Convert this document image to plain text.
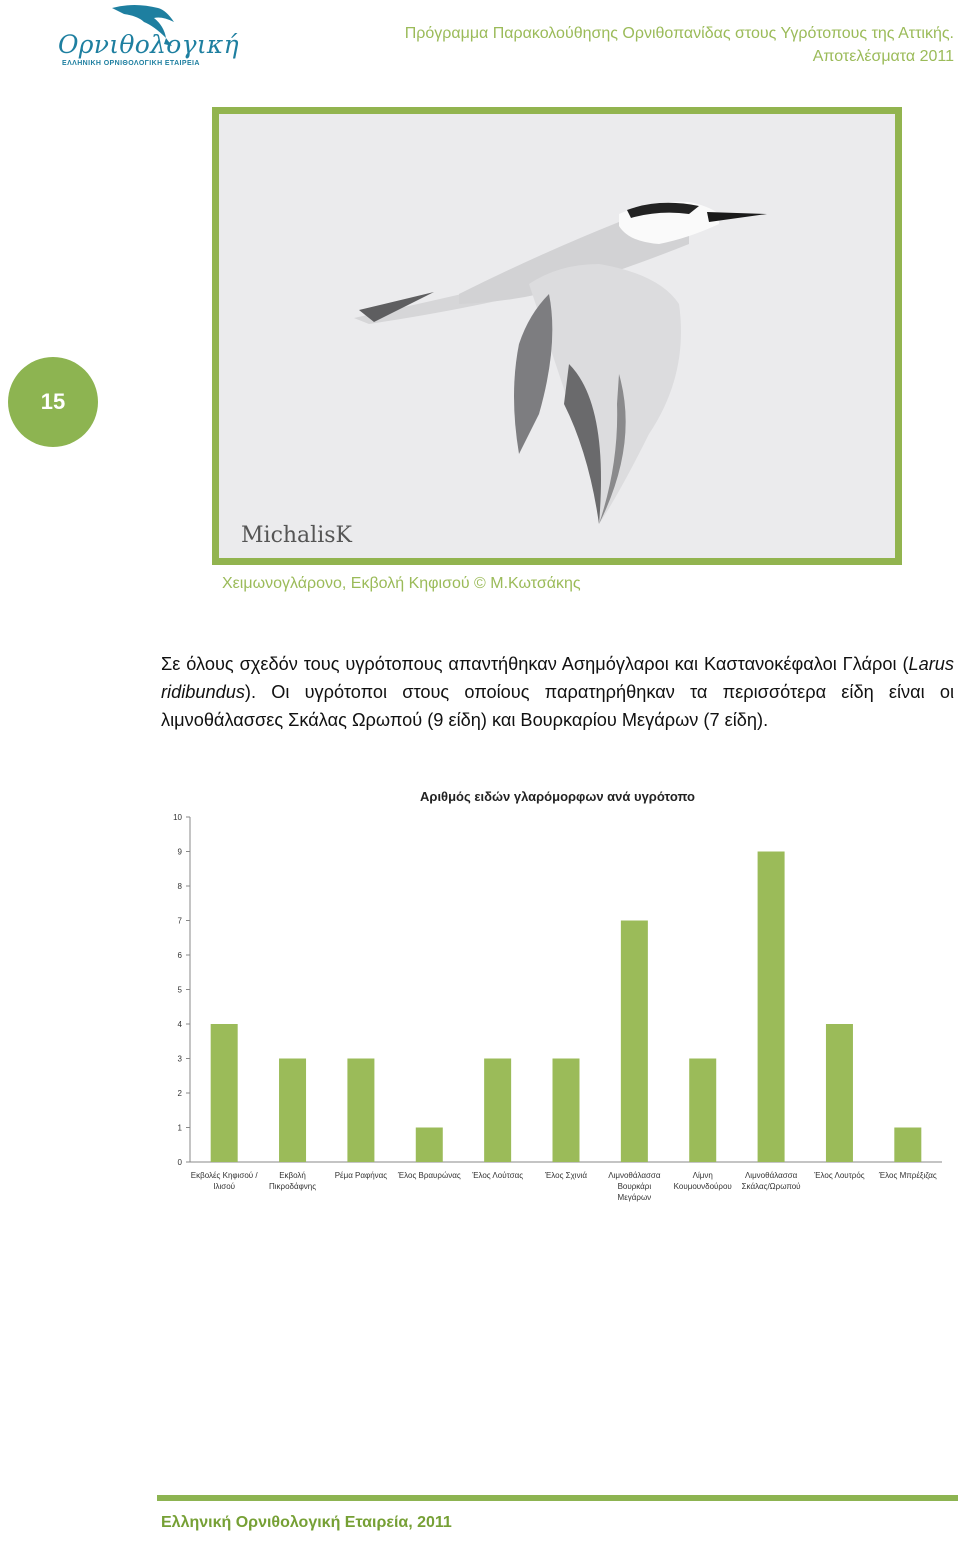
Ορνιθολογική
ΕΛΛΗΝΙΚΗ ΟΡΝΙΘΟΛΟΓΙΚΗ ΕΤΑΙΡΕΙΑ
Πρόγραμμα Παρακολούθησης Ορνιθοπανίδας στους Υγρότοπους της Αττικής.
Αποτελέσματα 2011
15
MichalisK
Χειμωνογλάρονο, Εκβολή Κηφισού © Μ.Κωτσάκης
Σε όλους σχεδόν τους υγρότοπους απαντήθηκαν Ασημόγλαροι και Καστανοκέφαλοι Γλάροι (Larus ridibundus). Οι υγρότοποι στους οποίους παρατηρήθηκαν τα περισσότερα είδη είναι οι λιμνοθάλασσες Σκάλας Ωρωπού (9 είδη) και Βουρκαρίου Μεγάρων (7 είδη).
Αριθμός ειδών γλαρόμορφων ανά υγρότοπο
0
1
2
3
4
5
6
7
8
9
10
Εκβολές Κηφισού /
Ιλισού
Εκβολή
Πικροδάφνης
Ρέμα Ραφήνας Έλος Βραυρώνας Έλος Λούτσας	Έλος Σχινιά	Λιμνοθάλασσα
Βουρκάρι
Μεγάρων
Λίμνη
Κουμουνδούρου
Λιμνοθάλασσα
Σκάλας/Ωρωπού
Έλος Λουτρός Έλος Μπρέξιζας
Ελληνική Ορνιθολογική Εταιρεία, 2011
